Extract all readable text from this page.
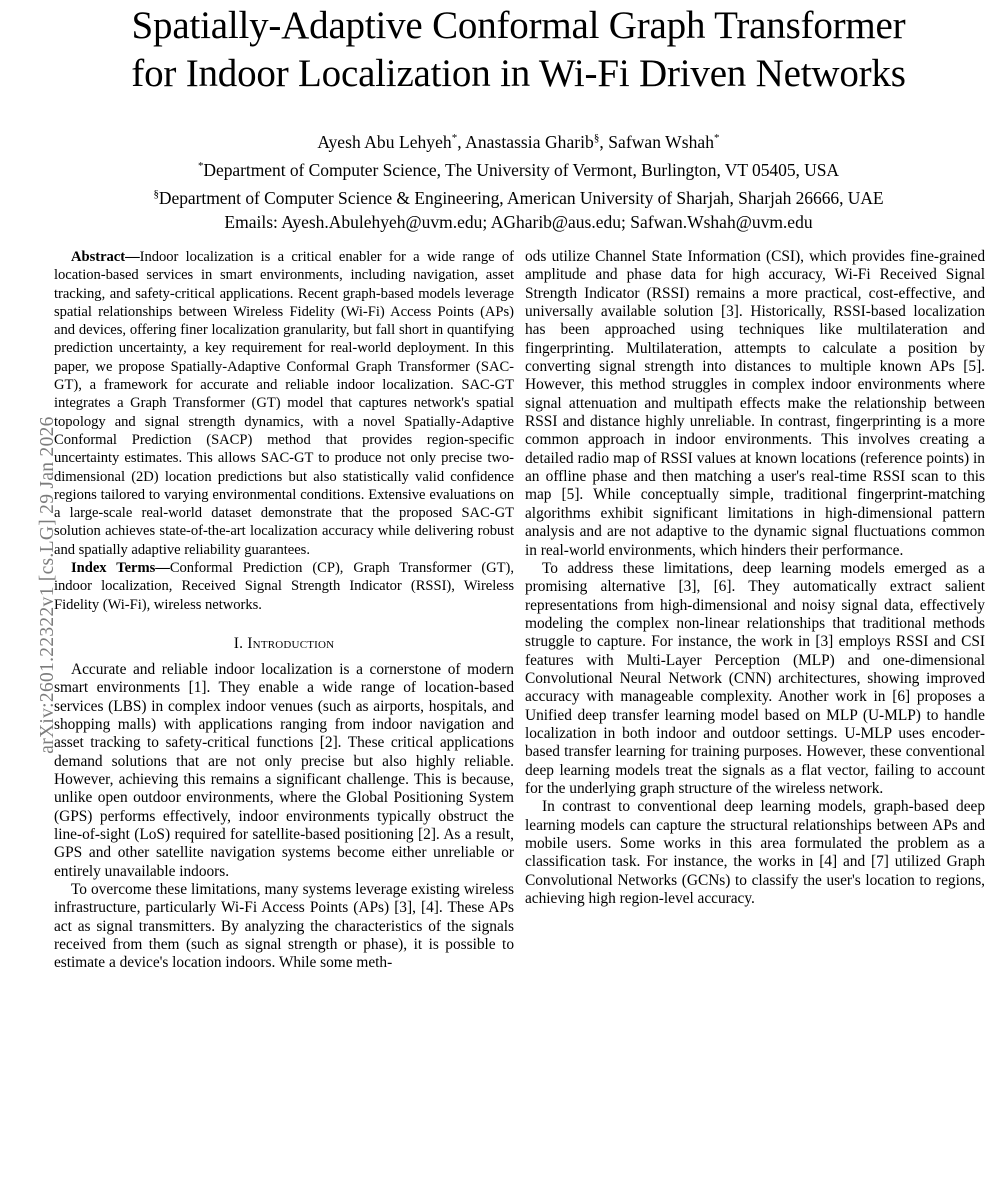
arXiv:2601.22322v1 [cs.LG] 29 Jan 2026
Spatially-Adaptive Conformal Graph Transformer
for Indoor Localization in Wi-Fi Driven Networks
Ayesh Abu Lehyeh*, Anastassia Gharib§, Safwan Wshah*
*Department of Computer Science, The University of Vermont, Burlington, VT 05405, USA
§Department of Computer Science & Engineering, American University of Sharjah, Sharjah 26666, UAE
Emails: Ayesh.Abulehyeh@uvm.edu; AGharib@aus.edu; Safwan.Wshah@uvm.edu

Abstract—Indoor localization is a critical enabler for a wide range of location-based services in smart environments, including navigation, asset tracking, and safety-critical applications. Recent graph-based models leverage spatial relationships between Wireless Fidelity (Wi-Fi) Access Points (APs) and devices, offering finer localization granularity, but fall short in quantifying prediction uncertainty, a key requirement for real-world deployment. In this paper, we propose Spatially-Adaptive Conformal Graph Transformer (SAC-GT), a framework for accurate and reliable indoor localization. SAC-GT integrates a Graph Transformer (GT) model that captures network's spatial topology and signal strength dynamics, with a novel Spatially-Adaptive Conformal Prediction (SACP) method that provides region-specific uncertainty estimates. This allows SAC-GT to produce not only precise two-dimensional (2D) location predictions but also statistically valid confidence regions tailored to varying environmental conditions. Extensive evaluations on a large-scale real-world dataset demonstrate that the proposed SAC-GT solution achieves state-of-the-art localization accuracy while delivering robust and spatially adaptive reliability guarantees.

Index Terms—Conformal Prediction (CP), Graph Transformer (GT), indoor localization, Received Signal Strength Indicator (RSSI), Wireless Fidelity (Wi-Fi), wireless networks.

I. Introduction

Accurate and reliable indoor localization is a cornerstone of modern smart environments [1]. They enable a wide range of location-based services (LBS) in complex indoor venues (such as airports, hospitals, and shopping malls) with applications ranging from indoor navigation and asset tracking to safety-critical functions [2]. These critical applications demand solutions that are not only precise but also highly reliable. However, achieving this remains a significant challenge. This is because, unlike open outdoor environments, where the Global Positioning System (GPS) performs effectively, indoor environments typically obstruct the line-of-sight (LoS) required for satellite-based positioning [2]. As a result, GPS and other satellite navigation systems become either unreliable or entirely unavailable indoors.

To overcome these limitations, many systems leverage existing wireless infrastructure, particularly Wi-Fi Access Points (APs) [3], [4]. These APs act as signal transmitters. By analyzing the characteristics of the signals received from them (such as signal strength or phase), it is possible to estimate a device's location indoors. While some meth-

ods utilize Channel State Information (CSI), which provides fine-grained amplitude and phase data for high accuracy, Wi-Fi Received Signal Strength Indicator (RSSI) remains a more practical, cost-effective, and universally available solution [3]. Historically, RSSI-based localization has been approached using techniques like multilateration and fingerprinting. Multilateration, attempts to calculate a position by converting signal strength into distances to multiple known APs [5]. However, this method struggles in complex indoor environments where signal attenuation and multipath effects make the relationship between RSSI and distance highly unreliable. In contrast, fingerprinting is a more common approach in indoor environments. This involves creating a detailed radio map of RSSI values at known locations (reference points) in an offline phase and then matching a user's real-time RSSI scan to this map [5]. While conceptually simple, traditional fingerprint-matching algorithms exhibit significant limitations in high-dimensional pattern analysis and are not adaptive to the dynamic signal fluctuations common in real-world environments, which hinders their performance.

To address these limitations, deep learning models emerged as a promising alternative [3], [6]. They automatically extract salient representations from high-dimensional and noisy signal data, effectively modeling the complex non-linear relationships that traditional methods struggle to capture. For instance, the work in [3] employs RSSI and CSI features with Multi-Layer Perception (MLP) and one-dimensional Convolutional Neural Network (CNN) architectures, showing improved accuracy with manageable complexity. Another work in [6] proposes a Unified deep transfer learning model based on MLP (U-MLP) to handle localization in both indoor and outdoor settings. U-MLP uses encoder-based transfer learning for training purposes. However, these conventional deep learning models treat the signals as a flat vector, failing to account for the underlying graph structure of the wireless network.

In contrast to conventional deep learning models, graph-based deep learning models can capture the structural relationships between APs and mobile users. Some works in this area formulated the problem as a classification task. For instance, the works in [4] and [7] utilized Graph Convolutional Networks (GCNs) to classify the user's location to regions, achieving high region-level accuracy.
